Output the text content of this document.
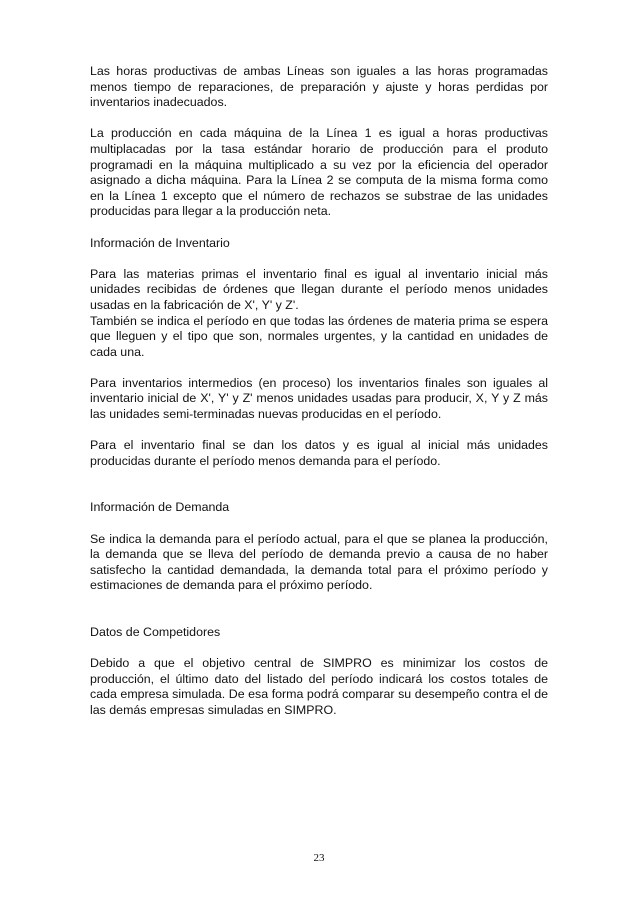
Las horas productivas de ambas Líneas son iguales a las horas programadas menos tiempo de reparaciones, de preparación y ajuste y horas perdidas por inventarios inadecuados.

La producción en cada máquina de la Línea 1 es igual a horas productivas multiplacadas por la tasa estándar horario de producción para el produto programadi en la máquina multiplicado a su vez por la eficiencia del operador asignado a dicha máquina. Para la Línea 2 se computa de la misma forma como en la Línea 1 excepto que el número de rechazos se substrae de las unidades producidas para llegar a la producción neta.

Información de Inventario

Para las materias primas el inventario final es igual al inventario inicial más unidades recibidas de órdenes que llegan durante el período menos unidades usadas en la fabricación de X', Y' y Z'.

También se indica el período en que todas las órdenes de materia prima se espera que lleguen y el tipo que son, normales urgentes, y la cantidad en unidades de cada una.

Para inventarios intermedios (en proceso) los inventarios finales son iguales al inventario inicial de X', Y' y Z' menos unidades usadas para producir, X, Y y Z más las unidades semi-terminadas nuevas producidas en el período.

Para el inventario final se dan los datos y es igual al inicial más unidades producidas durante el período menos demanda para el período.

Información de Demanda

Se indica la demanda para el período actual, para el que se planea la producción, la demanda que se lleva del período de demanda previo a causa de no haber satisfecho la cantidad demandada, la demanda total para el próximo período y estimaciones de demanda para el próximo período.

Datos de Competidores

Debido a que el objetivo central de SIMPRO es minimizar los costos de producción, el último dato del listado del período indicará los costos totales de cada empresa simulada. De esa forma podrá comparar su desempeño contra el de las demás empresas simuladas en SIMPRO.

23
